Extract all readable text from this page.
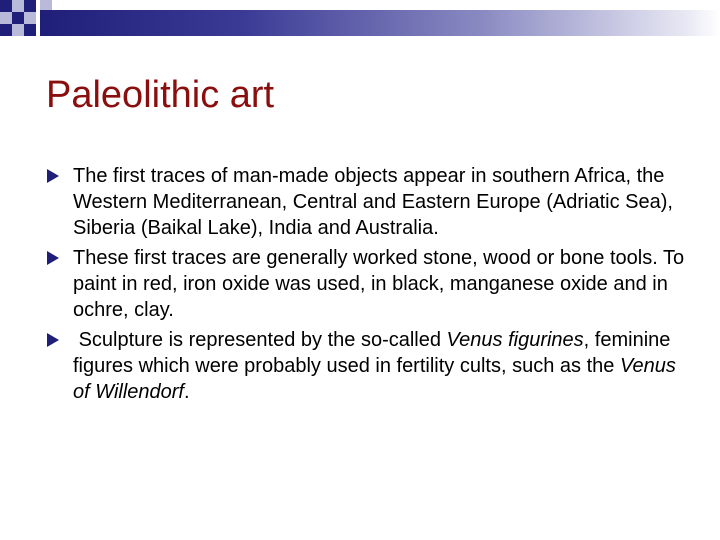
Paleolithic art
The first traces of man-made objects appear in southern Africa, the Western Mediterranean, Central and Eastern Europe (Adriatic Sea), Siberia (Baikal Lake), India and Australia.
These first traces are generally worked stone, wood or bone tools. To paint in red, iron oxide was used, in black, manganese oxide and in ochre, clay.
Sculpture is represented by the so-called Venus figurines, feminine figures which were probably used in fertility cults, such as the Venus of Willendorf.
